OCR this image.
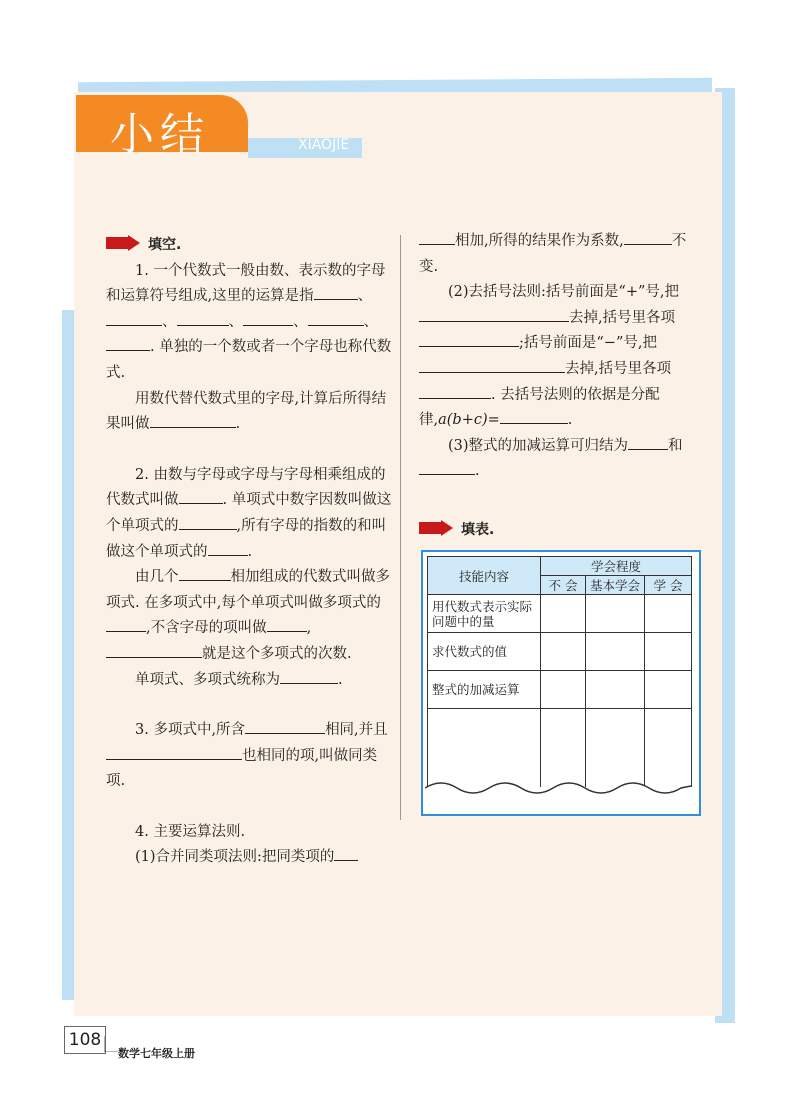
小结	XIAOJIE

填空.

1. 一个代数式一般由数、表示数的字母和运算符号组成,这里的运算是指	、、	、	、	、. 单独的一个数或者一个字母也称代数式.

用数代替代数式里的字母,计算后所得结果叫做	.

2. 由数与字母或字母与字母相乘组成的代数式叫做	. 单项式中数字因数叫做这个单项式的	,所有字母的指数的和叫做这个单项式的	.

由几个	相加组成的代数式叫做多项式. 在多项式中,每个单项式叫做多项式的,不含字母的项叫做	,就是这个多项式的次数.

单项式、多项式统称为	.

3. 多项式中,所含	相同,并且也相同的项,叫做同类项.

4. 主要运算法则.

(1)合并同类项法则:把同类项的

相加,所得的结果作为系数,	不变.

(2)去括号法则:括号前面是“+”号,把去掉,括号里各项;括号前面是“−”号,把去掉,括号里各项. 去括号法则的依据是分配律,a(b+c)=	.

(3)整式的加减运算可归结为	和.

填表.
技能内容	学会程度		
	不 会	基本学会	学 会
用代数式表示实际问题中的量			
求代数式的值			
整式的加减运算			

108
数学七年级上册
